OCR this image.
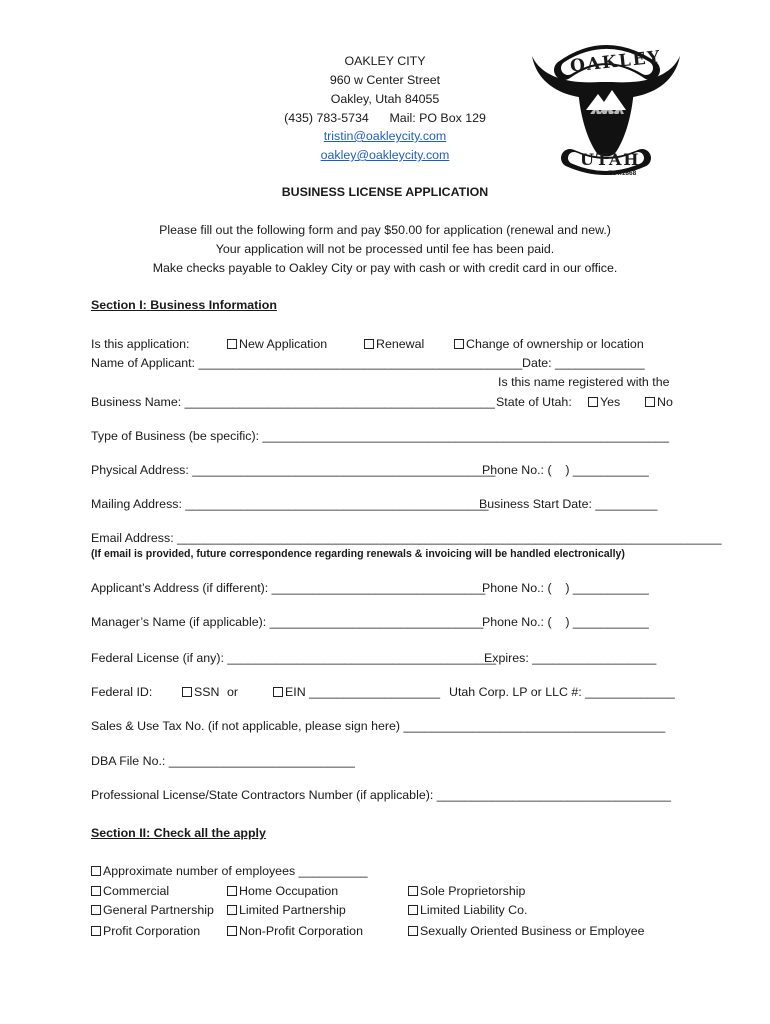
OAKLEY CITY
960 w Center Street
Oakley, Utah 84055
(435) 783-5734      Mail: PO Box 129
tristin@oakleycity.com
oakley@oakleycity.com
OAKLEY
UTAH
EST.1868
BUSINESS LICENSE APPLICATION
Please fill out the following form and pay $50.00 for application (renewal and new.)
Your application will not be processed until fee has been paid.
Make checks payable to Oakley City or pay with cash or with credit card in our office.
Section I: Business Information
Is this application:	New Application	Renewal	Change of ownership or location
Name of Applicant: _______________________________________________ Date: _____________
Is this name registered with the
Business Name: _____________________________________________ State of Utah:	Yes	No
Type of Business (be specific): ___________________________________________________________
Physical Address: ____________________________________________
Phone No.: (    ) ___________
Mailing Address: ____________________________________________
Business Start Date: _________
Email Address: _______________________________________________________________________________
(If email is provided, future correspondence regarding renewals & invoicing will be handled electronically)
Applicant’s Address (if different): _______________________________
Phone No.: (    ) ___________
Manager’s Name (if applicable): _______________________________
Phone No.: (    ) ___________
Federal License (if any): _______________________________________
Expires: __________________
Federal ID:	SSN or	EIN ___________________ Utah Corp. LP or LLC #: _____________
Sales & Use Tax No. (if not applicable, please sign here) ______________________________________
DBA File No.: ___________________________
Professional License/State Contractors Number (if applicable): __________________________________
Section II: Check all the apply
Approximate number of employees __________
Commercial	Home Occupation	Sole Proprietorship
General Partnership	Limited Partnership	Limited Liability Co.
Profit Corporation	Non-Profit Corporation	Sexually Oriented Business or Employee
